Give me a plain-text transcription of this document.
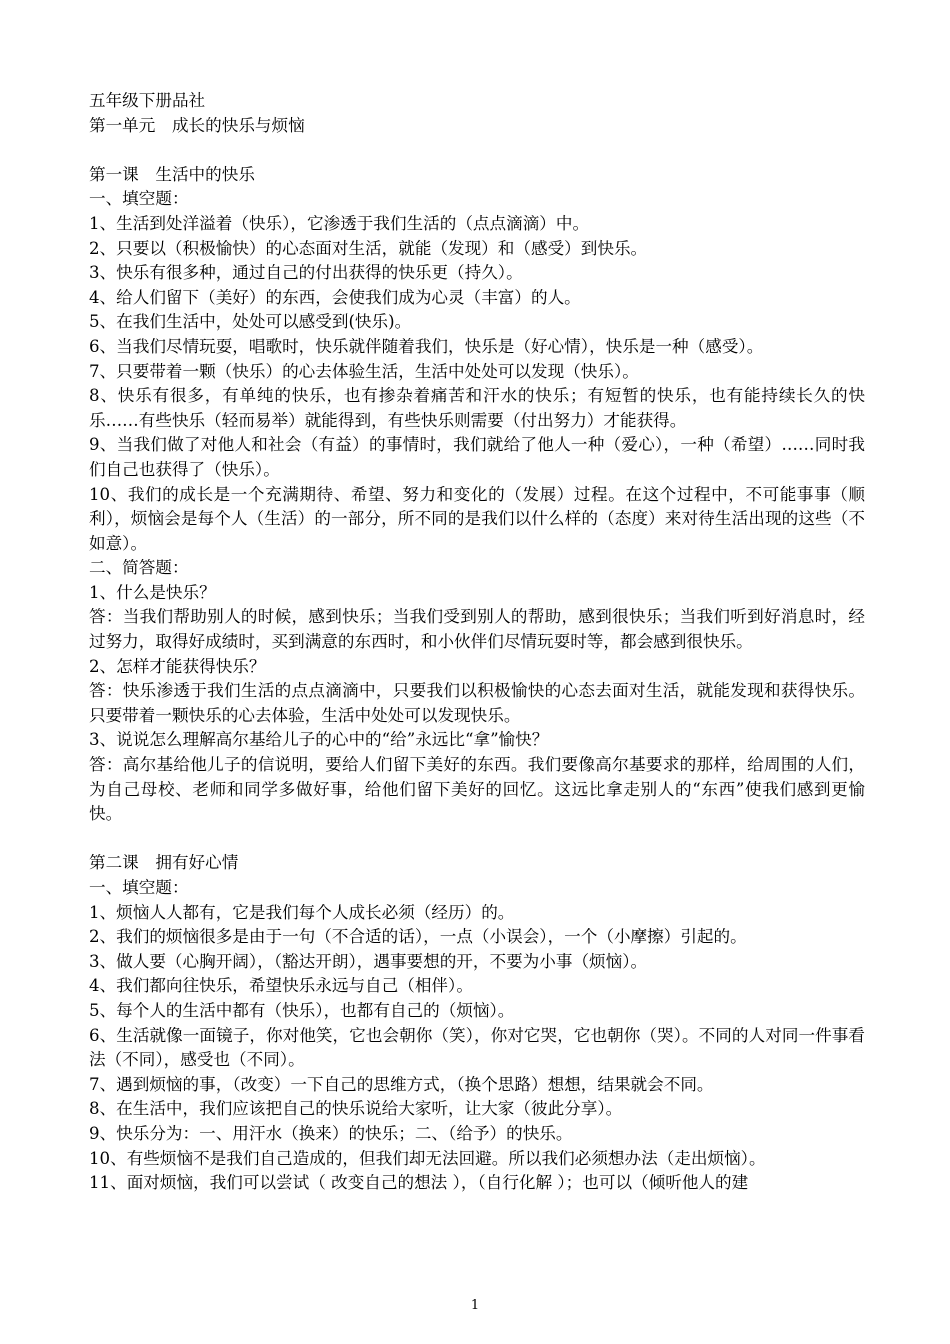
五年级下册品社

第一单元　成长的快乐与烦恼

第一课　生活中的快乐

一、填空题：

1、生活到处洋溢着（快乐），它渗透于我们生活的（点点滴滴）中。

2、只要以（积极愉快）的心态面对生活，就能（发现）和（感受）到快乐。

3、快乐有很多种，通过自己的付出获得的快乐更（持久）。

4、给人们留下（美好）的东西，会使我们成为心灵（丰富）的人。

5、在我们生活中，处处可以感受到(快乐)。

6、当我们尽情玩耍，唱歌时，快乐就伴随着我们，快乐是（好心情），快乐是一种（感受）。

7、只要带着一颗（快乐）的心去体验生活，生活中处处可以发现（快乐）。

8、快乐有很多，有单纯的快乐，也有掺杂着痛苦和汗水的快乐；有短暂的快乐，也有能持续长久的快乐……有些快乐（轻而易举）就能得到，有些快乐则需要（付出努力）才能获得。

9、当我们做了对他人和社会（有益）的事情时，我们就给了他人一种（爱心），一种（希望）……同时我们自己也获得了（快乐）。

10、我们的成长是一个充满期待、希望、努力和变化的（发展）过程。在这个过程中，不可能事事（顺利），烦恼会是每个人（生活）的一部分，所不同的是我们以什么样的（态度）来对待生活出现的这些（不如意）。

二、简答题：

1、什么是快乐？

答：当我们帮助别人的时候，感到快乐；当我们受到别人的帮助，感到很快乐；当我们听到好消息时，经过努力，取得好成绩时，买到满意的东西时，和小伙伴们尽情玩耍时等，都会感到很快乐。

2、怎样才能获得快乐？

答：快乐渗透于我们生活的点点滴滴中，只要我们以积极愉快的心态去面对生活，就能发现和获得快乐。只要带着一颗快乐的心去体验，生活中处处可以发现快乐。

3、说说怎么理解高尔基给儿子的心中的“给”永远比“拿”愉快？

答：高尔基给他儿子的信说明，要给人们留下美好的东西。我们要像高尔基要求的那样，给周围的人们，为自己母校、老师和同学多做好事，给他们留下美好的回忆。这远比拿走别人的“东西”使我们感到更愉快。

第二课　拥有好心情

一、填空题：

1、烦恼人人都有，它是我们每个人成长必须（经历）的。

2、我们的烦恼很多是由于一句（不合适的话），一点（小误会），一个（小摩擦）引起的。

3、做人要（心胸开阔），（豁达开朗），遇事要想的开，不要为小事（烦恼）。

4、我们都向往快乐，希望快乐永远与自己（相伴）。

5、每个人的生活中都有（快乐），也都有自己的（烦恼）。

6、生活就像一面镜子，你对他笑，它也会朝你（笑），你对它哭，它也朝你（哭）。不同的人对同一件事看法（不同），感受也（不同）。

7、遇到烦恼的事，（改变）一下自己的思维方式，（换个思路）想想，结果就会不同。

8、在生活中，我们应该把自己的快乐说给大家听，让大家（彼此分享）。

9、快乐分为：一、用汗水（换来）的快乐；二、（给予）的快乐。

10、有些烦恼不是我们自己造成的，但我们却无法回避。所以我们必须想办法（走出烦恼）。

11、面对烦恼，我们可以尝试（ 改变自己的想法 ），（自行化解 ）；也可以（倾听他人的建

1
